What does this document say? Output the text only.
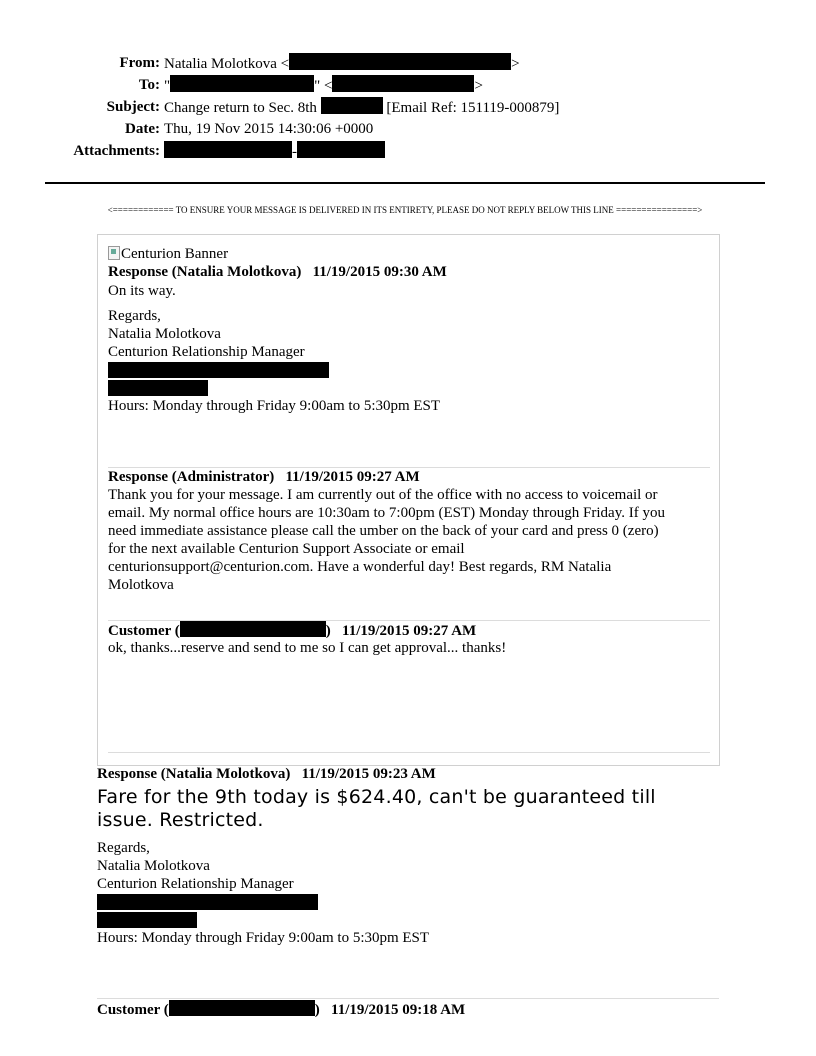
From: Natalia Molotkova <	>
To: "	" <	>
Subject: Change return to Sec. 8th	[Email Ref: 151119-000879]
Date: Thu, 19 Nov 2015 14:30:06 +0000
Attachments:	-
<============ TO ENSURE YOUR MESSAGE IS DELIVERED IN ITS ENTIRETY, PLEASE DO NOT REPLY BELOW THIS LINE ================>
Centurion Banner
Response (Natalia Molotkova)   11/19/2015 09:30 AM
On its way.
Regards,
Natalia Molotkova
Centurion Relationship Manager
Hours: Monday through Friday 9:00am to 5:30pm EST
Response (Administrator)   11/19/2015 09:27 AM
Thank you for your message. I am currently out of the office with no access to voicemail or
email. My normal office hours are 10:30am to 7:00pm (EST) Monday through Friday. If you
need immediate assistance please call the umber on the back of your card and press 0 (zero)
for the next available Centurion Support Associate or email
centurionsupport@centurion.com. Have a wonderful day! Best regards, RM Natalia
Molotkova
Customer (	)   11/19/2015 09:27 AM
ok, thanks...reserve and send to me so I can get approval... thanks!
Response (Natalia Molotkova)   11/19/2015 09:23 AM
Fare for the 9th today is $624.40, can't be guaranteed till
issue. Restricted.
Regards,
Natalia Molotkova
Centurion Relationship Manager
Hours: Monday through Friday 9:00am to 5:30pm EST
Customer (	)   11/19/2015 09:18 AM
